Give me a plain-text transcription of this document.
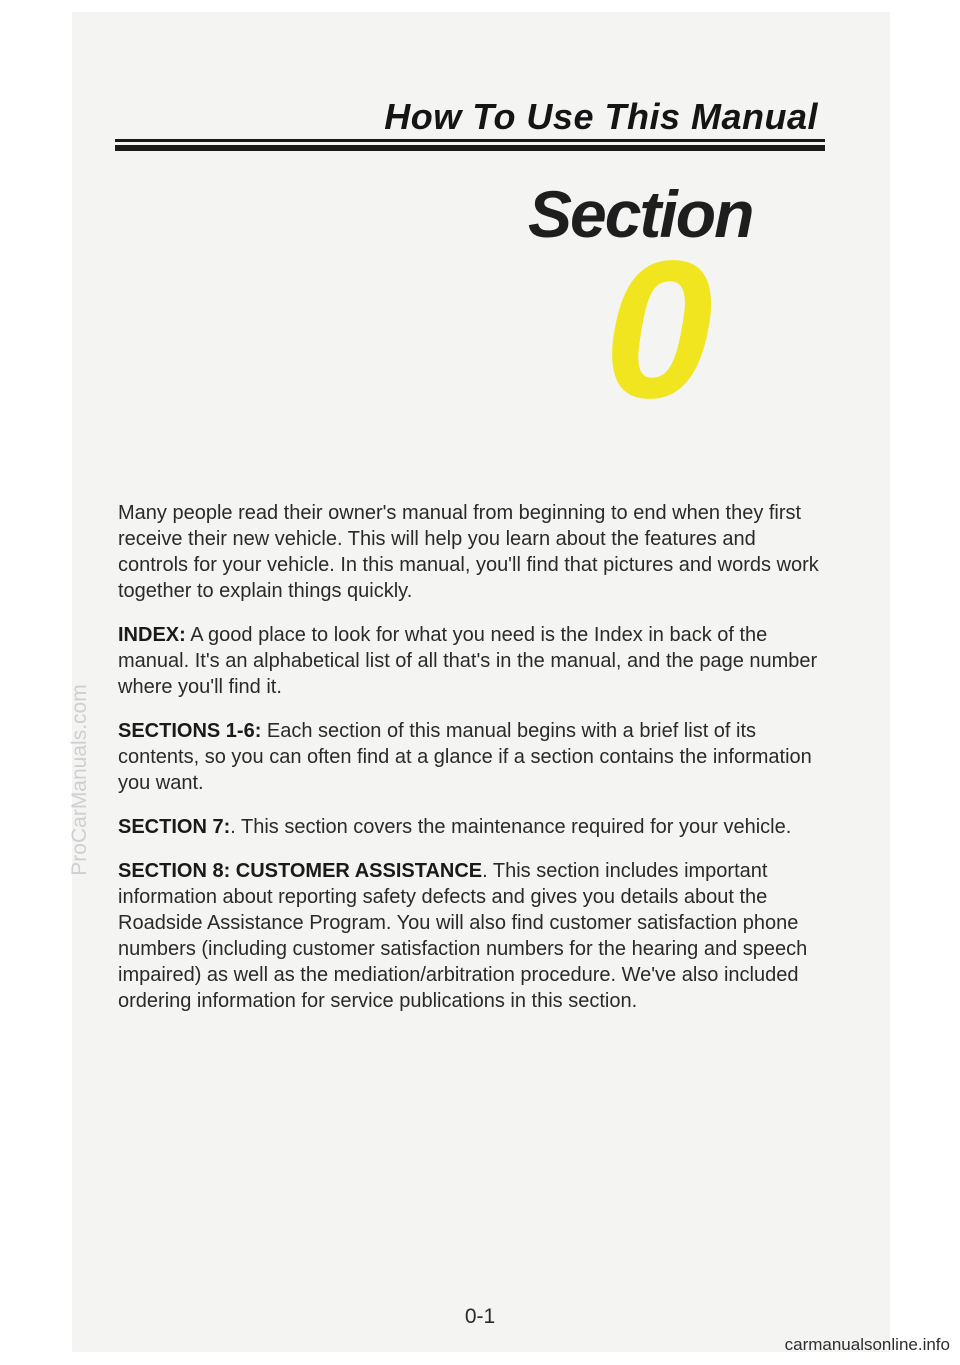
How To Use This Manual
Section
0

Many people read their owner's manual from beginning to end when they first receive their new vehicle. This will help you learn about the features and controls for your vehicle. In this manual, you'll find that pictures and words work together to explain things quickly.

INDEX: A good place to look for what you need is the Index in back of the manual. It's an alphabetical list of all that's in the manual, and the page number where you'll find it.

SECTIONS 1-6: Each section of this manual begins with a brief list of its contents, so you can often find at a glance if a section contains the information you want.

SECTION 7:. This section covers the maintenance required for your vehicle.

SECTION 8: CUSTOMER ASSISTANCE. This section includes important information about reporting safety defects and gives you details about the Roadside Assistance Program. You will also find customer satisfaction phone numbers (including customer satisfaction numbers for the hearing and speech impaired) as well as the mediation/arbitration procedure. We've also included ordering information for service publications in this section.

ProCarManuals.com
0-1
carmanualsonline.info
